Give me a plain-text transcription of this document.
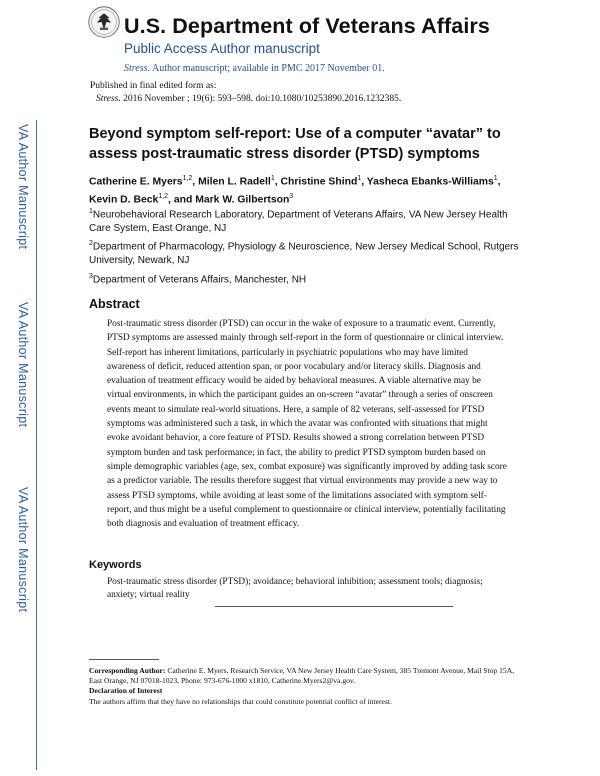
U.S. Department of Veterans Affairs
Public Access Author manuscript
Stress. Author manuscript; available in PMC 2017 November 01.
Published in final edited form as:
Stress. 2016 November ; 19(6): 593–598. doi:10.1080/10253890.2016.1232385.
VA Author Manuscript
VA Author Manuscript
VA Author Manuscript
Beyond symptom self-report: Use of a computer “avatar” to assess post-traumatic stress disorder (PTSD) symptoms
Catherine E. Myers$^{1,2}$, Milen L. Radell$^1$, Christine Shind$^1$, Yasheca Ebanks-Williams$^1$, Kevin D. Beck$^{1,2}$, and Mark W. Gilbertson$^3$
$^1$Neurobehavioral Research Laboratory, Department of Veterans Affairs, VA New Jersey Health Care System, East Orange, NJ
$^2$Department of Pharmacology, Physiology & Neuroscience, New Jersey Medical School, Rutgers University, Newark, NJ
$^3$Department of Veterans Affairs, Manchester, NH
Abstract
Post-traumatic stress disorder (PTSD) can occur in the wake of exposure to a traumatic event. Currently, PTSD symptoms are assessed mainly through self-report in the form of questionnaire or clinical interview. Self-report has inherent limitations, particularly in psychiatric populations who may have limited awareness of deficit, reduced attention span, or poor vocabulary and/or literacy skills. Diagnosis and evaluation of treatment efficacy would be aided by behavioral measures. A viable alternative may be virtual environments, in which the participant guides an on-screen “avatar” through a series of onscreen events meant to simulate real-world situations. Here, a sample of 82 veterans, self-assessed for PTSD symptoms was administered such a task, in which the avatar was confronted with situations that might evoke avoidant behavior, a core feature of PTSD. Results showed a strong correlation between PTSD symptom burden and task performance; in fact, the ability to predict PTSD symptom burden based on simple demographic variables (age, sex, combat exposure) was significantly improved by adding task score as a predictor variable. The results therefore suggest that virtual environments may provide a new way to assess PTSD symptoms, while avoiding at least some of the limitations associated with symptom self-report, and thus might be a useful complement to questionnaire or clinical interview, potentially facilitating both diagnosis and evaluation of treatment efficacy.
Keywords
Post-traumatic stress disorder (PTSD); avoidance; behavioral inhibition; assessment tools; diagnosis; anxiety; virtual reality
Corresponding Author: Catherine E. Myers, Research Service, VA New Jersey Health Care System, 385 Tremont Avenue, Mail Stop 15A, East Orange, NJ 07018-1023, Phone: 973-676-1000 x1810, Catherine.Myers2@va.gov.
Declaration of Interest
The authors affirm that they have no relationships that could constitute potential conflict of interest.
